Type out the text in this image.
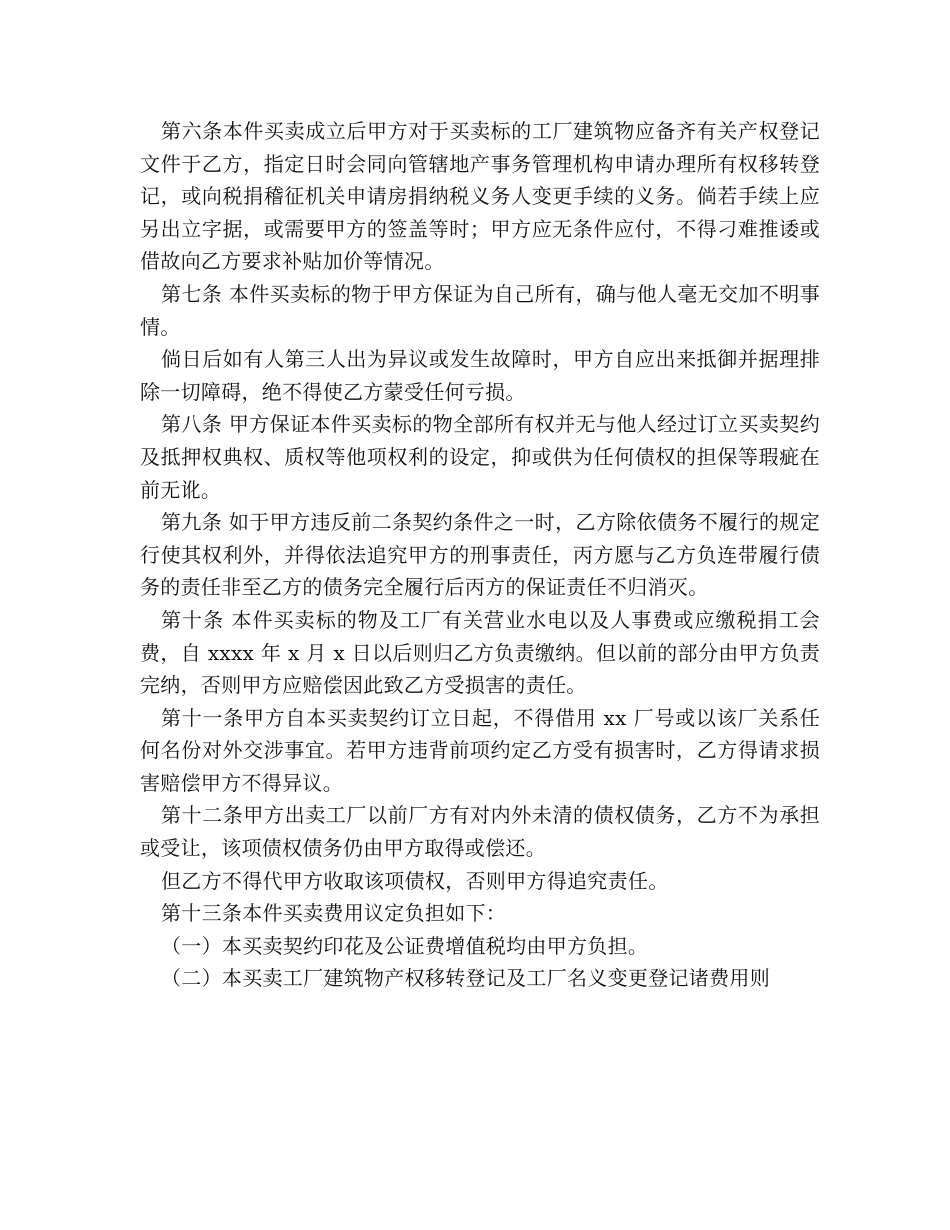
第六条本件买卖成立后甲方对于买卖标的工厂建筑物应备齐有关产权登记文件于乙方，指定日时会同向管辖地产事务管理机构申请办理所有权移转登记，或向税捐稽征机关申请房捐纳税义务人变更手续的义务。倘若手续上应另出立字据，或需要甲方的签盖等时；甲方应无条件应付，不得刁难推诿或借故向乙方要求补贴加价等情况。

第七条 本件买卖标的物于甲方保证为自己所有，确与他人毫无交加不明事情。

倘日后如有人第三人出为异议或发生故障时，甲方自应出来抵御并据理排除一切障碍，绝不得使乙方蒙受任何亏损。

第八条 甲方保证本件买卖标的物全部所有权并无与他人经过订立买卖契约及抵押权典权、质权等他项权利的设定，抑或供为任何债权的担保等瑕疵在前无讹。

第九条 如于甲方违反前二条契约条件之一时，乙方除依债务不履行的规定行使其权利外，并得依法追究甲方的刑事责任，丙方愿与乙方负连带履行债务的责任非至乙方的债务完全履行后丙方的保证责任不归消灭。

第十条 本件买卖标的物及工厂有关营业水电以及人事费或应缴税捐工会费，自 xxxx 年 x 月 x 日以后则归乙方负责缴纳。但以前的部分由甲方负责完纳，否则甲方应赔偿因此致乙方受损害的责任。

第十一条甲方自本买卖契约订立日起，不得借用 xx 厂号或以该厂关系任何名份对外交涉事宜。若甲方违背前项约定乙方受有损害时，乙方得请求损害赔偿甲方不得异议。

第十二条甲方出卖工厂以前厂方有对内外未清的债权债务，乙方不为承担或受让，该项债权债务仍由甲方取得或偿还。

但乙方不得代甲方收取该项债权，否则甲方得追究责任。

第十三条本件买卖费用议定负担如下：

（一）本买卖契约印花及公证费增值税均由甲方负担。

（二）本买卖工厂建筑物产权移转登记及工厂名义变更登记诸费用则
